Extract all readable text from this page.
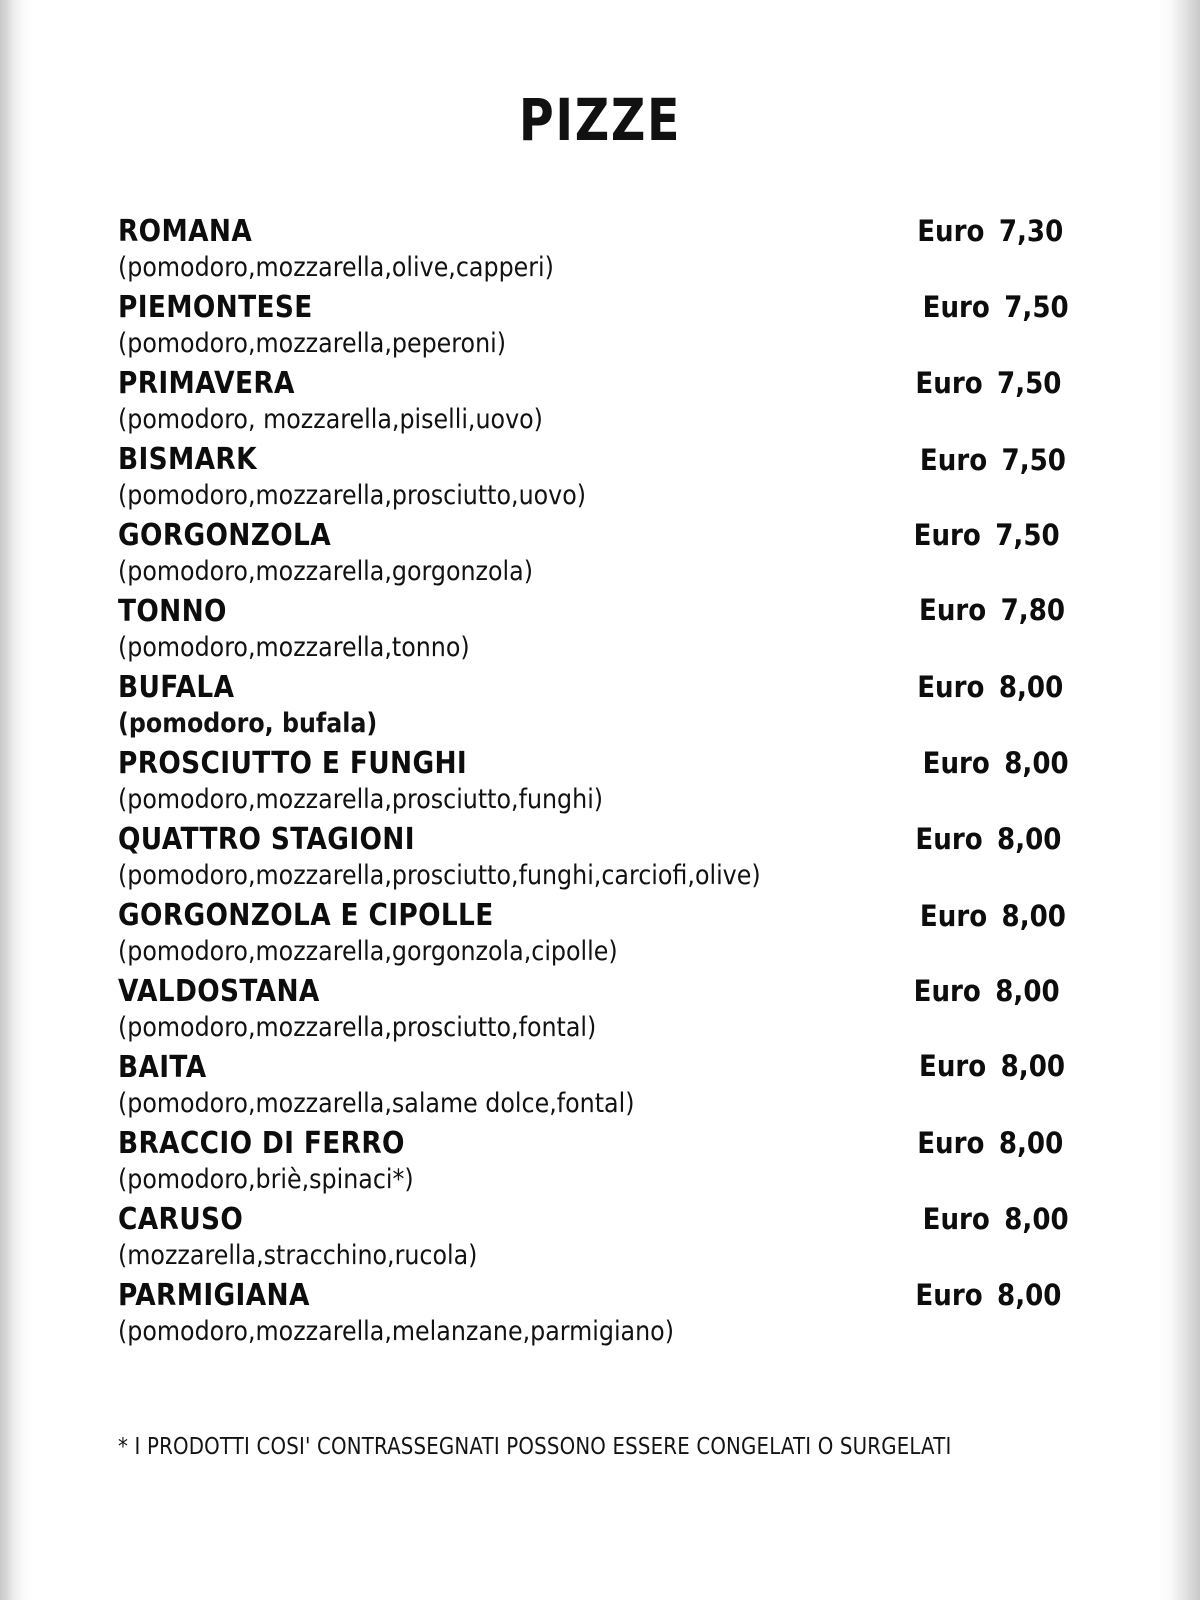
PIZZE
ROMANA	Euro 7,30
(pomodoro,mozzarella,olive,capperi)
PIEMONTESE	Euro 7,50
(pomodoro,mozzarella,peperoni)
PRIMAVERA	Euro 7,50
(pomodoro, mozzarella,piselli,uovo)
BISMARK	Euro 7,50
(pomodoro,mozzarella,prosciutto,uovo)
GORGONZOLA	Euro 7,50
(pomodoro,mozzarella,gorgonzola)
TONNO	Euro 7,80
(pomodoro,mozzarella,tonno)
BUFALA	Euro 8,00
(pomodoro, bufala)
PROSCIUTTO E FUNGHI	Euro 8,00
(pomodoro,mozzarella,prosciutto,funghi)
QUATTRO STAGIONI	Euro 8,00
(pomodoro,mozzarella,prosciutto,funghi,carciofi,olive)
GORGONZOLA E CIPOLLE	Euro 8,00
(pomodoro,mozzarella,gorgonzola,cipolle)
VALDOSTANA	Euro 8,00
(pomodoro,mozzarella,prosciutto,fontal)
BAITA	Euro 8,00
(pomodoro,mozzarella,salame dolce,fontal)
BRACCIO DI FERRO	Euro 8,00
(pomodoro,briè,spinaci*)
CARUSO	Euro 8,00
(mozzarella,stracchino,rucola)
PARMIGIANA	Euro 8,00
(pomodoro,mozzarella,melanzane,parmigiano)
* I PRODOTTI COSI' CONTRASSEGNATI POSSONO ESSERE CONGELATI O SURGELATI
